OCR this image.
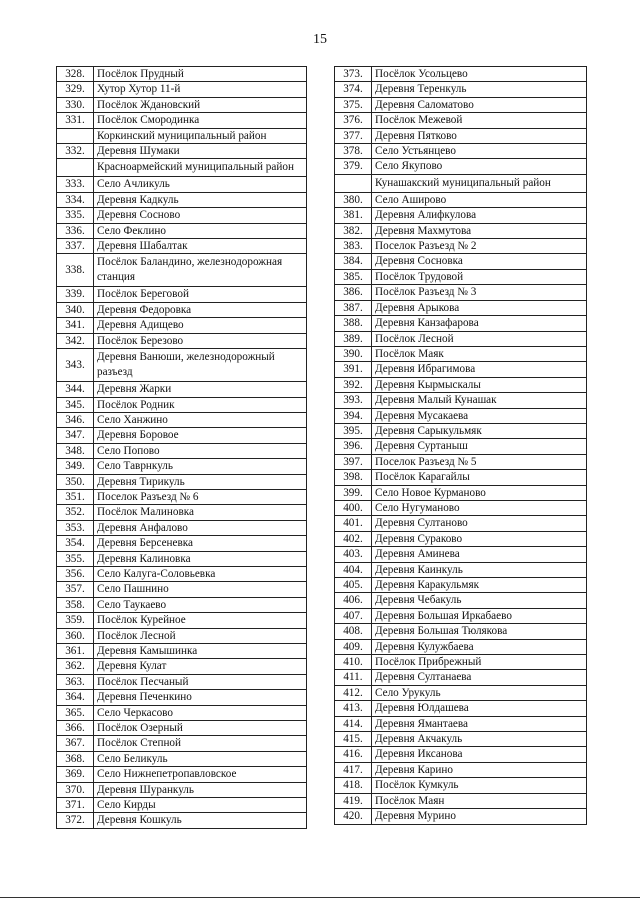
15
328.	Посёлок Прудный
329.	Хутор Хутор 11-й
330.	Посёлок Ждановский
331.	Посёлок Смородинка
	Коркинский муниципальный район
332.	Деревня Шумаки
	Красноармейский муниципальный район
333.	Село Ачликуль
334.	Деревня Кадкуль
335.	Деревня Сосново
336.	Село Феклино
337.	Деревня Шабалтак
338.	Посёлок Баландино, железнодорожная станция
339.	Посёлок Береговой
340.	Деревня Федоровка
341.	Деревня Адищево
342.	Посёлок Березово
343.	Деревня Ванюши, железнодорожный разъезд
344.	Деревня Жарки
345.	Посёлок Родник
346.	Село Ханжино
347.	Деревня Боровое
348.	Село Попово
349.	Село Таврнкуль
350.	Деревня Тирикуль
351.	Поселок Разъезд № 6
352.	Посёлок Малиновка
353.	Деревня Анфалово
354.	Деревня Берсеневка
355.	Деревня Калиновка
356.	Село Калуга-Соловьевка
357.	Село Пашнино
358.	Село Таукаево
359.	Посёлок Курейное
360.	Посёлок Лесной
361.	Деревня Камышинка
362.	Деревня Кулат
363.	Посёлок Песчаный
364.	Деревня Печенкино
365.	Село Черкасово
366.	Посёлок Озерный
367.	Посёлок Степной
368.	Село Беликуль
369.	Село Нижнепетропавловское
370.	Деревня Шуранкуль
371.	Село Кирды
372.	Деревня Кошкуль
373.	Посёлок Усольцево
374.	Деревня Теренкуль
375.	Деревня Саломатово
376.	Посёлок Межевой
377.	Деревня Пятково
378.	Село Устьянцево
379.	Село Якупово
	Кунашакский муниципальный район
380.	Село Аширово
381.	Деревня Алифкулова
382.	Деревня Махмутова
383.	Поселок Разъезд № 2
384.	Деревня Сосновка
385.	Посёлок Трудовой
386.	Посёлок Разъезд № 3
387.	Деревня Арыкова
388.	Деревня Канзафарова
389.	Посёлок Лесной
390.	Посёлок Маяк
391.	Деревня Ибрагимова
392.	Деревня Кырмыскалы
393.	Деревня Малый Кунашак
394.	Деревня Мусакаева
395.	Деревня Сарыкульмяк
396.	Деревня Суртаныш
397.	Поселок Разъезд № 5
398.	Посёлок Карагайлы
399.	Село Новое Курманово
400.	Село Нугуманово
401.	Деревня Султаново
402.	Деревня Сураково
403.	Деревня Аминева
404.	Деревня Каинкуль
405.	Деревня Каракульмяк
406.	Деревня Чебакуль
407.	Деревня Большая Иркабаево
408.	Деревня Большая Тюлякова
409.	Деревня Кулужбаева
410.	Посёлок Прибрежный
411.	Деревня Султанаева
412.	Село Урукуль
413.	Деревня Юлдашева
414.	Деревня Ямантаева
415.	Деревня Акчакуль
416.	Деревня Иксанова
417.	Деревня Карино
418.	Посёлок Кумкуль
419.	Посёлок Маян
420.	Деревня Мурино
